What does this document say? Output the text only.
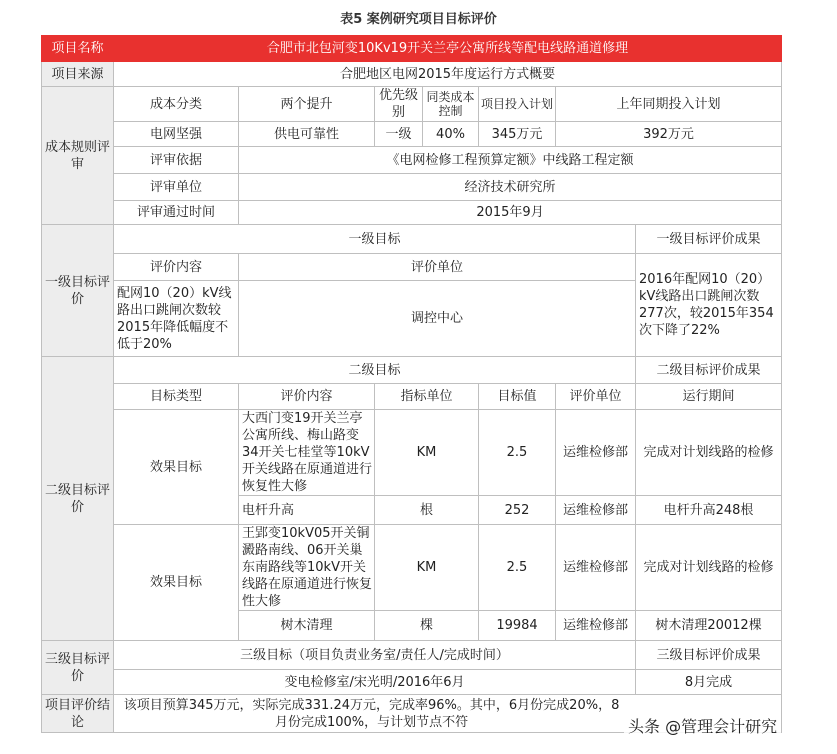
表5 案例研究项目目标评价
项目名称	合肥市北包河变10Kv19开关兰亭公寓所线等配电线路通道修理						
项目来源	合肥地区电网2015年度运行方式概要						
成本规则评审	成本分类	两个提升	优先级别	同类成本控制	项目投入计划	上年同期投入计划	
	电网坚强	供电可靠性	一级	40%	345万元	392万元	
	评审依据	《电网检修工程预算定额》中线路工程定额					
	评审单位	经济技术研究所					
	评审通过时间	2015年9月					
一级目标评价	一级目标						一级目标评价成果
	评价内容	评价单位					2016年配网10（20）kV线路出口跳闸次数277次，较2015年354次下降了22%
	配网10（20）kV线路出口跳闸次数较2015年降低幅度不低于20%	调控中心					
二级目标评价	二级目标						二级目标评价成果
	目标类型	评价内容	指标单位		目标值	评价单位	运行期间
	效果目标	大西门变19开关兰亭公寓所线、梅山路变34开关七桂堂等10kV开关线路在原通道进行恢复性大修	KM		2.5	运维检修部	完成对计划线路的检修
		电杆升高	根		252	运维检修部	电杆升高248根
	效果目标	王郢变10kV05开关铜澱路南线、06开关巢东南路线等10kV开关线路在原通道进行恢复性大修	KM		2.5	运维检修部	完成对计划线路的检修
		树木清理	棵		19984	运维检修部	树木清理20012棵

三级目标评价	三级目标（项目负责业务室/责任人/完成时间）						三级目标评价成果
	变电检修室/宋光明/2016年6月						8月完成
项目评价结论	该项目预算345万元，实际完成331.24万元，完成率96%。其中，6月份完成20%，8月份完成100%，与计划节点不符							头条 @管理会计研究
